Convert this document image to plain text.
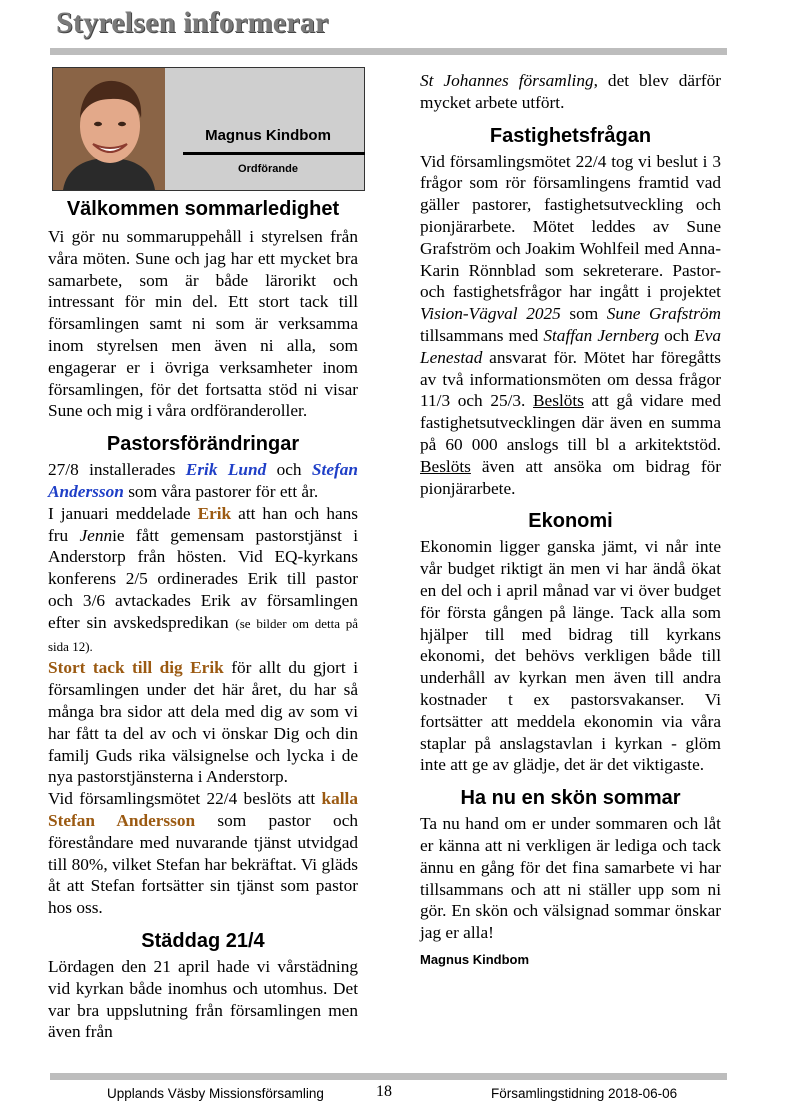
Styrelsen informerar
Magnus Kindbom
Ordförande
Välkommen sommarledighet

Vi gör nu sommaruppehåll i styrelsen från våra möten. Sune och jag har ett mycket bra samarbete, som är både lärorikt och intressant för min del. Ett stort tack till församlingen samt ni som är verksamma inom styrelsen men även ni alla, som engagerar er i övriga verksamheter inom församlingen, för det fortsatta stöd ni visar Sune och mig i våra ordföranderoller.

Pastorsförändringar

27/8 installerades Erik Lund och Stefan Andersson som våra pastorer för ett år.

I januari meddelade Erik att han och hans fru Jennie fått gemensam pastorstjänst i Anderstorp från hösten. Vid EQ-kyrkans konferens 2/5 ordinerades Erik till pastor och 3/6 avtackades Erik av församlingen efter sin avskedspredikan (se bilder om detta på sida 12).

Stort tack till dig Erik för allt du gjort i församlingen under det här året, du har så många bra sidor att dela med dig av som vi har fått ta del av och vi önskar Dig och din familj Guds rika välsignelse och lycka i de nya pastorstjänsterna i Anderstorp.

Vid församlingsmötet 22/4 beslöts att kalla Stefan Andersson som pastor och föreståndare med nuvarande tjänst utvidgad till 80%, vilket Stefan har bekräftat. Vi gläds åt att Stefan fortsätter sin tjänst som pastor hos oss.

Städdag 21/4

Lördagen den 21 april hade vi vårstädning vid kyrkan både inomhus och utomhus. Det var bra uppslutning från församlingen men även från

St Johannes församling, det blev därför mycket arbete utfört.

Fastighetsfrågan

Vid församlingsmötet 22/4 tog vi beslut i 3 frågor som rör församlingens framtid vad gäller pastorer, fastighetsutveckling och pionjärarbete. Mötet leddes av Sune Grafström och Joakim Wohlfeil med Anna-Karin Rönnblad som sekreterare. Pastor- och fastighetsfrågor har ingått i projektet Vision-Vägval 2025 som Sune Grafström tillsammans med Staffan Jernberg och Eva Lenestad ansvarat för. Mötet har föregåtts av två informationsmöten om dessa frågor 11/3 och 25/3. Beslöts att gå vidare med fastighetsutvecklingen där även en summa på 60 000 anslogs till bl a arkitektstöd. Beslöts även att ansöka om bidrag för pionjärarbete.

Ekonomi

Ekonomin ligger ganska jämt, vi når inte vår budget riktigt än men vi har ändå ökat en del och i april månad var vi över budget för första gången på länge. Tack alla som hjälper till med bidrag till kyrkans ekonomi, det behövs verkligen både till underhåll av kyrkan men även till andra kostnader t ex pastorsvakanser. Vi fortsätter att meddela ekonomin via våra staplar på anslagstavlan i kyrkan - glöm inte att ge av glädje, det är det viktigaste.

Ha nu en skön sommar

Ta nu hand om er under sommaren och låt er känna att ni verkligen är lediga och tack ännu en gång för det fina samarbete vi har tillsammans och att ni ställer upp som ni gör. En skön och välsignad sommar önskar jag er alla!

Magnus Kindbom
Upplands Väsby Missionsförsamling	18	Församlingstidning 2018-06-06
